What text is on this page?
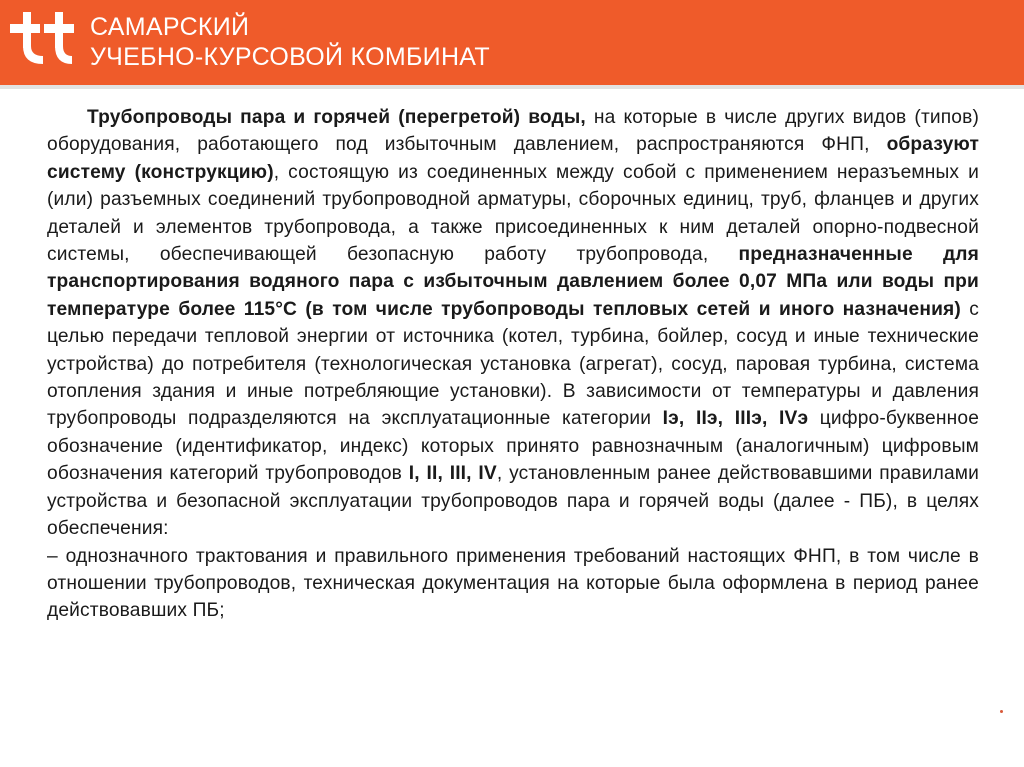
САМАРСКИЙ
УЧЕБНО-КУРСОВОЙ КОМБИНАТ

Трубопроводы пара и горячей (перегретой) воды, на которые в числе других видов (типов) оборудования, работающего под избыточным давлением, распространяются ФНП, образуют систему (конструкцию), состоящую из соединенных между собой с применением неразъемных и (или) разъемных соединений трубопроводной арматуры, сборочных единиц, труб, фланцев и других деталей и элементов трубопровода, а также присоединенных к ним деталей опорно-подвесной системы, обеспечивающей безопасную работу трубопровода, предназначенные для транспортирования водяного пара с избыточным давлением более 0,07 МПа или воды при температуре более 115°С (в том числе трубопроводы тепловых сетей и иного назначения) с целью передачи тепловой энергии от источника (котел, турбина, бойлер, сосуд и иные технические устройства) до потребителя (технологическая установка (агрегат), сосуд, паровая турбина, система отопления здания и иные потребляющие установки). В зависимости от температуры и давления трубопроводы подразделяются на эксплуатационные категории Iэ, IIэ, IIIэ, IVэ цифро-буквенное обозначение (идентификатор, индекс) которых принято равнозначным (аналогичным) цифровым обозначения категорий трубопроводов I, II, III, IV, установленным ранее действовавшими правилами устройства и безопасной эксплуатации трубопроводов пара и горячей воды (далее - ПБ), в целях обеспечения:

– однозначного трактования и правильного применения требований настоящих ФНП, в том числе в отношении трубопроводов, техническая документация на которые была оформлена в период ранее действовавших ПБ;
